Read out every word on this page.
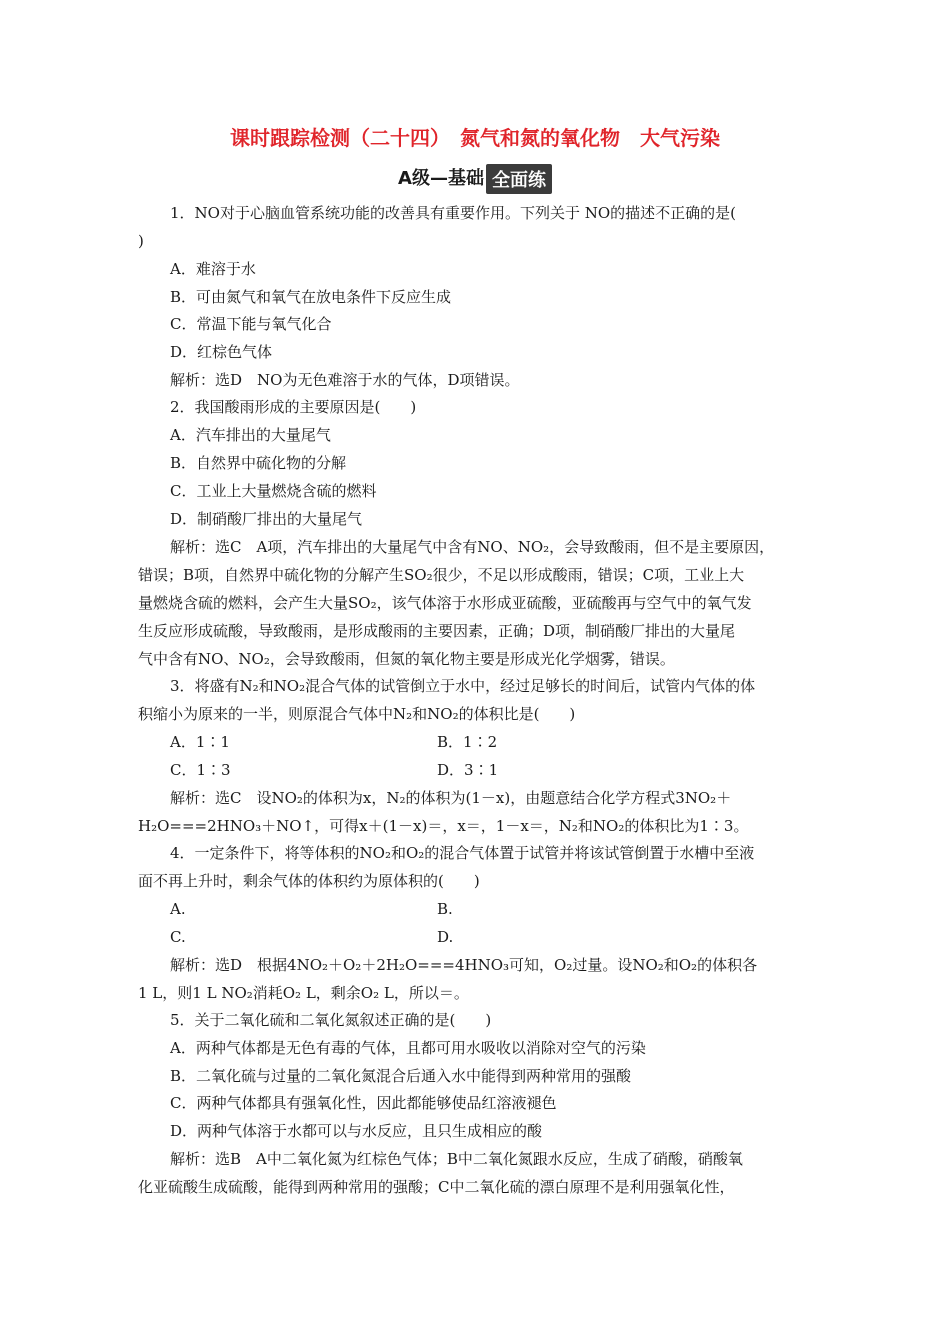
课时跟踪检测（二十四）　氮气和氮的氧化物　大气污染
A级—基础 全面练
1．NO对于心脑血管系统功能的改善具有重要作用。下列关于 NO的描述不正确的是(
)
A．难溶于水
B．可由氮气和氧气在放电条件下反应生成
C．常温下能与氧气化合
D．红棕色气体
解析：选D　NO为无色难溶于水的气体，D项错误。
2．我国酸雨形成的主要原因是(　　)
A．汽车排出的大量尾气
B．自然界中硫化物的分解
C．工业上大量燃烧含硫的燃料
D．制硝酸厂排出的大量尾气
解析：选C　A项，汽车排出的大量尾气中含有NO、NO₂，会导致酸雨，但不是主要原因，
错误；B项，自然界中硫化物的分解产生SO₂很少，不足以形成酸雨，错误；C项，工业上大
量燃烧含硫的燃料，会产生大量SO₂，该气体溶于水形成亚硫酸，亚硫酸再与空气中的氧气发
生反应形成硫酸，导致酸雨，是形成酸雨的主要因素，正确；D项，制硝酸厂排出的大量尾
气中含有NO、NO₂，会导致酸雨，但氮的氧化物主要是形成光化学烟雾，错误。
3．将盛有N₂和NO₂混合气体的试管倒立于水中，经过足够长的时间后，试管内气体的体
积缩小为原来的一半，则原混合气体中N₂和NO₂的体积比是(　　)
A．1∶1	B．1∶2
C．1∶3	D．3∶1
解析：选C　设NO₂的体积为x，N₂的体积为(1－x)，由题意结合化学方程式3NO₂＋
H₂O===2HNO₃＋NO↑，可得x＋(1－x)＝，x＝，1－x＝，N₂和NO₂的体积比为1∶3。
4．一定条件下，将等体积的NO₂和O₂的混合气体置于试管并将该试管倒置于水槽中至液
面不再上升时，剩余气体的体积约为原体积的(　　)
A.	B.
C.	D.
解析：选D　根据4NO₂＋O₂＋2H₂O===4HNO₃可知，O₂过量。设NO₂和O₂的体积各
1 L，则1 L NO₂消耗O₂ L，剩余O₂ L，所以＝。
5．关于二氧化硫和二氧化氮叙述正确的是(　　)
A．两种气体都是无色有毒的气体，且都可用水吸收以消除对空气的污染
B．二氧化硫与过量的二氧化氮混合后通入水中能得到两种常用的强酸
C．两种气体都具有强氧化性，因此都能够使品红溶液褪色
D．两种气体溶于水都可以与水反应，且只生成相应的酸
解析：选B　A中二氧化氮为红棕色气体；B中二氧化氮跟水反应，生成了硝酸，硝酸氧
化亚硫酸生成硫酸，能得到两种常用的强酸；C中二氧化硫的漂白原理不是利用强氧化性，
